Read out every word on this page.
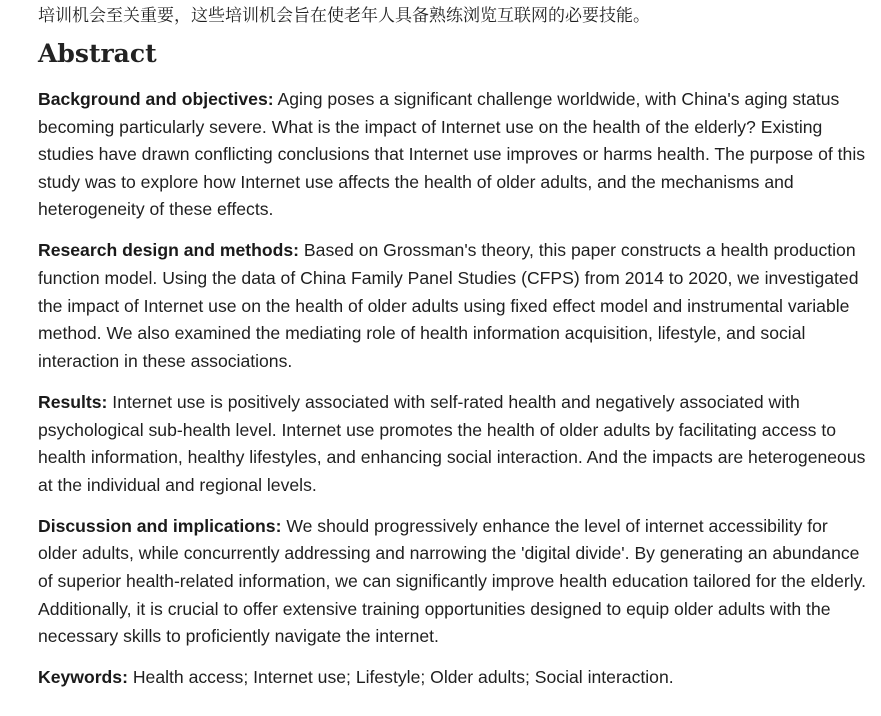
培训机会至关重要，这些培训机会旨在使老年人具备熟练浏览互联网的必要技能。
Abstract

Background and objectives: Aging poses a significant challenge worldwide, with China's aging status becoming particularly severe. What is the impact of Internet use on the health of the elderly? Existing studies have drawn conflicting conclusions that Internet use improves or harms health. The purpose of this study was to explore how Internet use affects the health of older adults, and the mechanisms and heterogeneity of these effects.

Research design and methods: Based on Grossman's theory, this paper constructs a health production function model. Using the data of China Family Panel Studies (CFPS) from 2014 to 2020, we investigated the impact of Internet use on the health of older adults using fixed effect model and instrumental variable method. We also examined the mediating role of health information acquisition, lifestyle, and social interaction in these associations.

Results: Internet use is positively associated with self-rated health and negatively associated with psychological sub-health level. Internet use promotes the health of older adults by facilitating access to health information, healthy lifestyles, and enhancing social interaction. And the impacts are heterogeneous at the individual and regional levels.

Discussion and implications: We should progressively enhance the level of internet accessibility for older adults, while concurrently addressing and narrowing the 'digital divide'. By generating an abundance of superior health-related information, we can significantly improve health education tailored for the elderly. Additionally, it is crucial to offer extensive training opportunities designed to equip older adults with the necessary skills to proficiently navigate the internet.

Keywords: Health access; Internet use; Lifestyle; Older adults; Social interaction.
